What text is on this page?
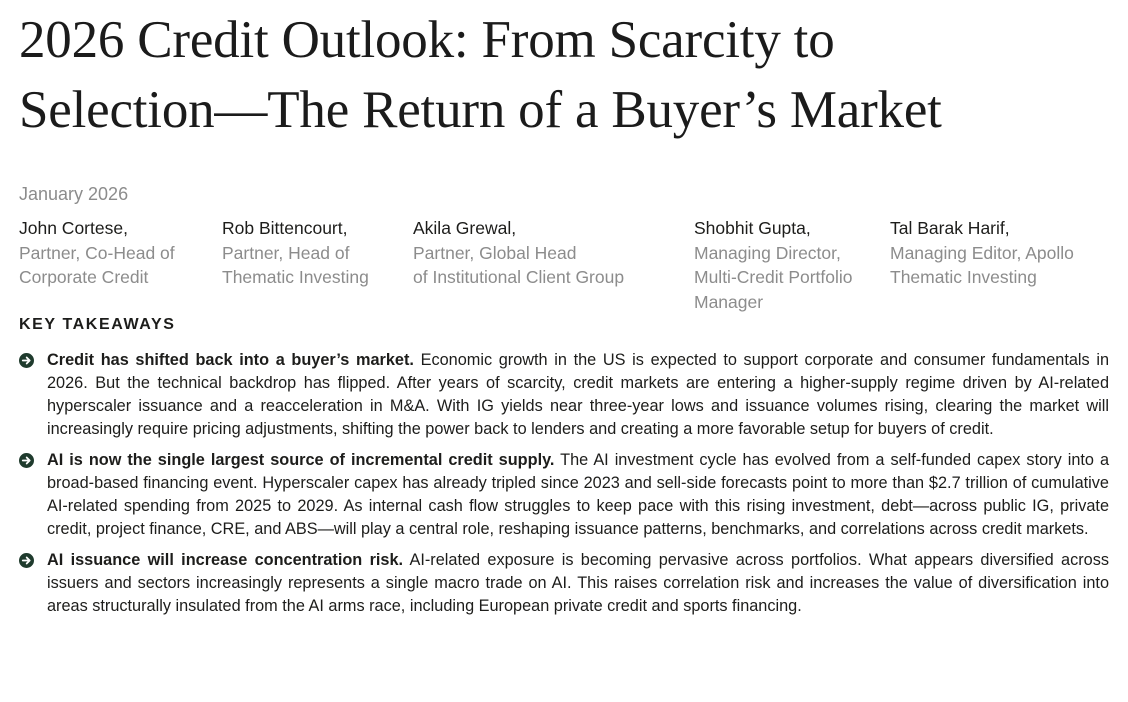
2026 Credit Outlook: From Scarcity to
Selection—The Return of a Buyer’s Market
January 2026
John Cortese,
Partner, Co-Head of
Corporate Credit
Rob Bittencourt,
Partner, Head of
Thematic Investing
Akila Grewal,
Partner, Global Head
of Institutional Client Group
Shobhit Gupta,
Managing Director,
Multi-Credit Portfolio
Manager
Tal Barak Harif,
Managing Editor, Apollo
Thematic Investing
KEY TAKEAWAYS
Credit has shifted back into a buyer’s market. Economic growth in the US is expected to support corporate and consumer fundamentals in 2026. But the technical backdrop has flipped. After years of scarcity, credit markets are entering a higher-supply regime driven by AI-related hyperscaler issuance and a reacceleration in M&A. With IG yields near three-year lows and issuance volumes rising, clearing the market will increasingly require pricing adjustments, shifting the power back to lenders and creating a more favorable setup for buyers of credit.
AI is now the single largest source of incremental credit supply. The AI investment cycle has evolved from a self-funded capex story into a broad-based financing event. Hyperscaler capex has already tripled since 2023 and sell-side forecasts point to more than $2.7 trillion of cumulative AI-related spending from 2025 to 2029. As internal cash flow struggles to keep pace with this rising investment, debt—across public IG, private credit, project finance, CRE, and ABS—will play a central role, reshaping issuance patterns, benchmarks, and correlations across credit markets.
AI issuance will increase concentration risk. AI-related exposure is becoming pervasive across portfolios. What appears diversified across issuers and sectors increasingly represents a single macro trade on AI. This raises correlation risk and increases the value of diversification into areas structurally insulated from the AI arms race, including European private credit and sports financing.
